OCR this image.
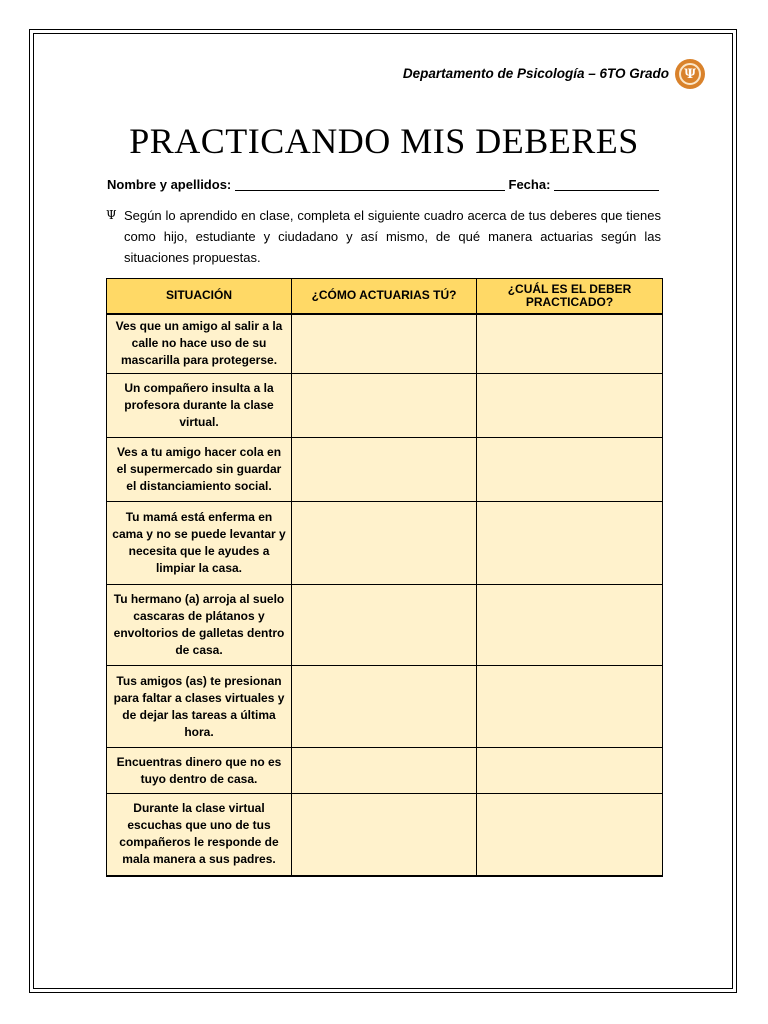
Departamento de Psicología – 6TO Grado Ψ
PRACTICANDO MIS DEBERES
Nombre y apellidos:	Fecha:
Ψ Según lo aprendido en clase, completa el siguiente cuadro acerca de tus deberes que tienes como hijo, estudiante y ciudadano y así mismo, de qué manera actuarias según las situaciones propuestas.

SITUACIÓN	¿CÓMO ACTUARIAS TÚ?	¿CUÁL ES EL DEBER PRACTICADO?
Ves que un amigo al salir a la calle no hace uso de su mascarilla para protegerse.		
Un compañero insulta a la profesora durante la clase virtual.		
Ves a tu amigo hacer cola en el supermercado sin guardar el distanciamiento social.		
Tu mamá está enferma en cama y no se puede levantar y necesita que le ayudes a limpiar la casa.		
Tu hermano (a) arroja al suelo cascaras de plátanos y envoltorios de galletas dentro de casa.		
Tus amigos (as) te presionan para faltar a clases virtuales y de dejar las tareas a última hora.		
Encuentras dinero que no es tuyo dentro de casa.		
Durante la clase virtual escuchas que uno de tus compañeros le responde de mala manera a sus padres.		
